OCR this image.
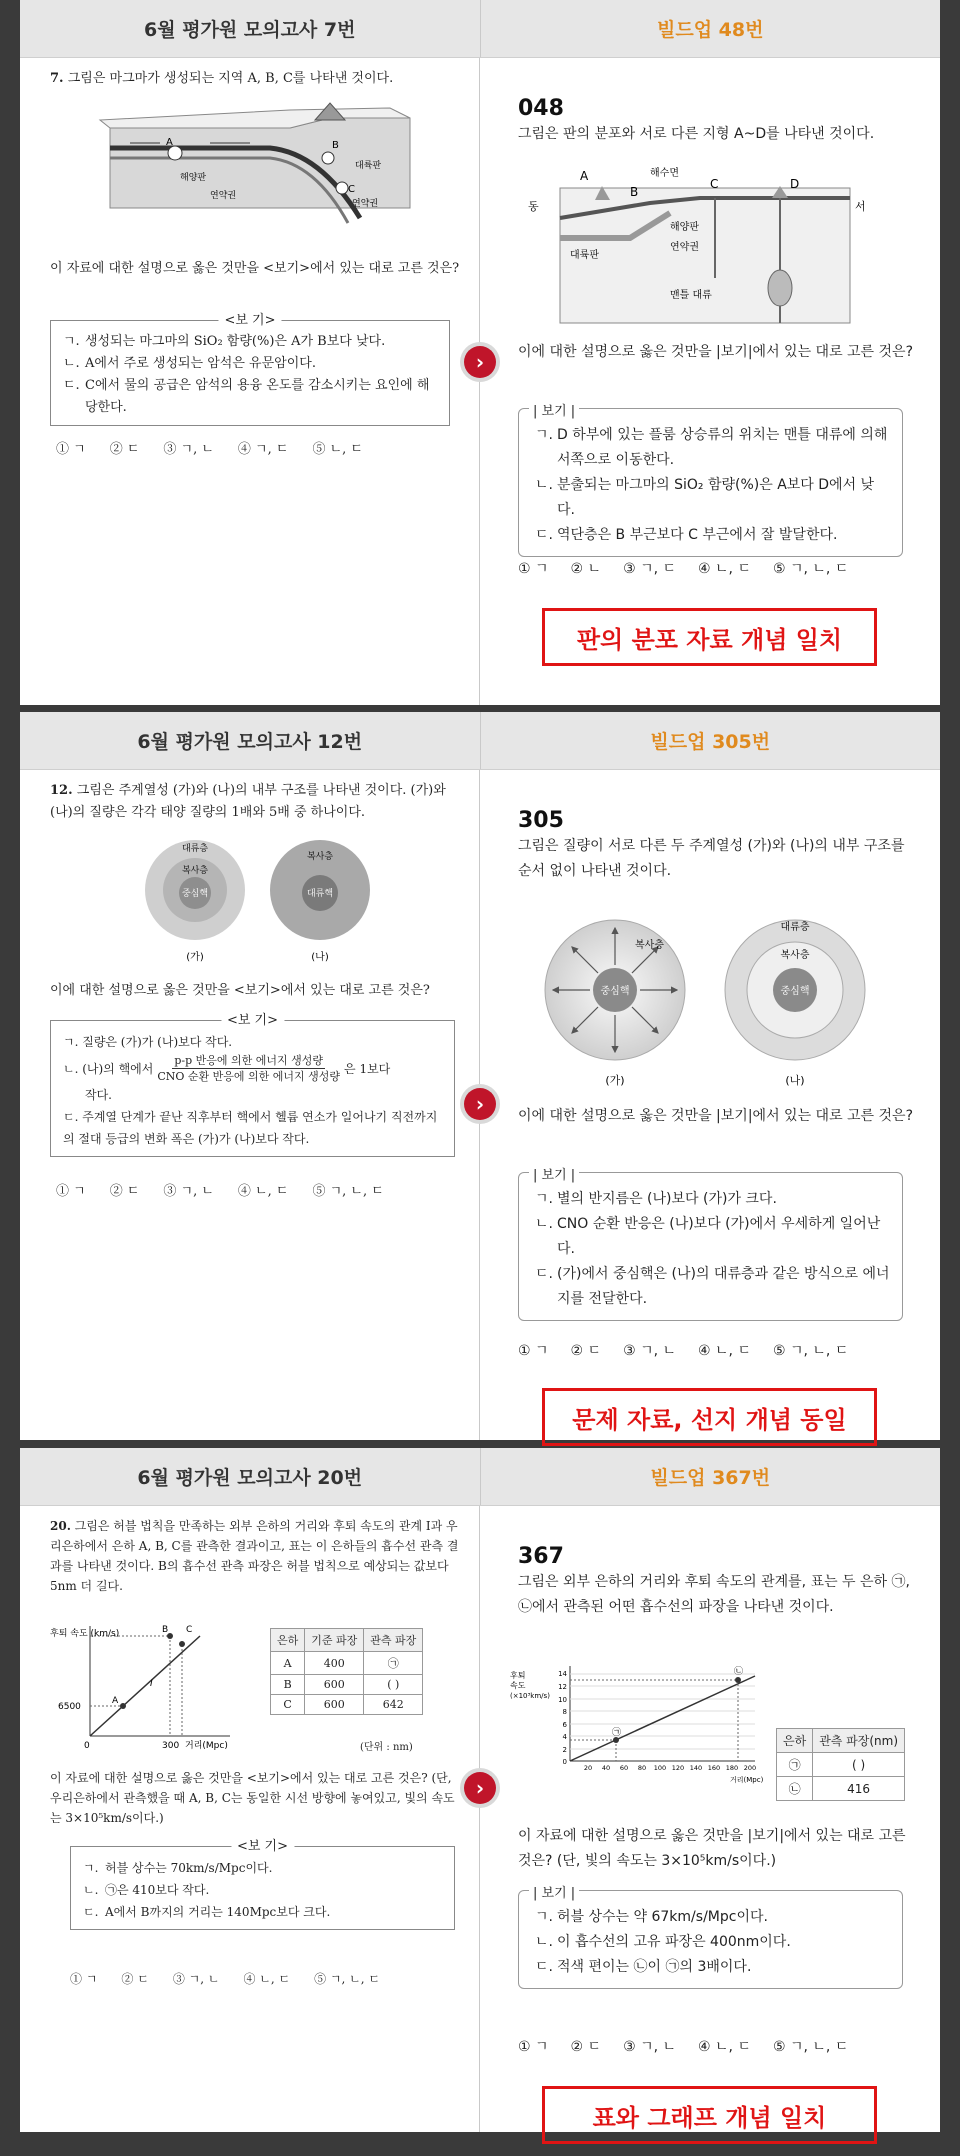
6월 평가원 모의고사 7번	빌드업 48번
7. 그림은 마그마가 생성되는 지역 A, B, C를 나타낸 것이다.
A	B
C
해양판
연약권
대륙판
연약권
이 자료에 대한 설명으로 옳은 것만을 <보기>에서 있는 대로 고른 것은?
<보 기>
ㄱ. 생성되는 마그마의 SiO₂ 함량(%)은 A가 B보다 낮다.
ㄴ. A에서 주로 생성되는 암석은 유문암이다.
ㄷ. C에서 물의 공급은 암석의 용융 온도를 감소시키는 요인에 해당한다.
① ㄱ ② ㄷ ③ ㄱ, ㄴ ④ ㄱ, ㄷ ⑤ ㄴ, ㄷ
048
그림은 판의 분포와 서로 다른 지형 A~D를 나타낸 것이다.
동	서
해수면
A
B
C	D
대륙판
해양판
연약권
맨틀 대류
이에 대한 설명으로 옳은 것만을 |보기|에서 있는 대로 고른 것은?
| 보기 |
ㄱ. D 하부에 있는 플룸 상승류의 위치는 맨틀 대류에 의해 서쪽으로 이동한다.
ㄴ. 분출되는 마그마의 SiO₂ 함량(%)은 A보다 D에서 낮다.
ㄷ. 역단층은 B 부근보다 C 부근에서 잘 발달한다.
① ㄱ ② ㄴ ③ ㄱ, ㄷ ④ ㄴ, ㄷ ⑤ ㄱ, ㄴ, ㄷ
판의 분포 자료 개념 일치
›
6월 평가원 모의고사 12번	빌드업 305번
12. 그림은 주계열성 (가)와 (나)의 내부 구조를 나타낸 것이다. (가)와 (나)의 질량은 각각 태양 질량의 1배와 5배 중 하나이다.
대류층
복사층
중심핵
복사층
대류핵
(가)	(나)
이에 대한 설명으로 옳은 것만을 <보기>에서 있는 대로 고른 것은?
<보 기>
ㄱ. 질량은 (가)가 (나)보다 작다.
ㄴ. (나)의 핵에서
p-p 반응에 의한 에너지 생성량
CNO 순환 반응에 의한 에너지 생성량
은 1보다
작다.
ㄷ. 주계열 단계가 끝난 직후부터 핵에서 헬륨 연소가 일어나기 직전까지의 절대 등급의 변화 폭은 (가)가 (나)보다 작다.
① ㄱ ② ㄷ ③ ㄱ, ㄴ ④ ㄴ, ㄷ ⑤ ㄱ, ㄴ, ㄷ
305
그림은 질량이 서로 다른 두 주계열성 (가)와 (나)의 내부 구조를 순서 없이 나타낸 것이다.
복사층
중심핵
대류층
복사층
중심핵
(가)	(나)
이에 대한 설명으로 옳은 것만을 |보기|에서 있는 대로 고른 것은?
| 보기 |
ㄱ. 별의 반지름은 (나)보다 (가)가 크다.
ㄴ. CNO 순환 반응은 (나)보다 (가)에서 우세하게 일어난다.
ㄷ. (가)에서 중심핵은 (나)의 대류층과 같은 방식으로 에너지를 전달한다.
① ㄱ ② ㄷ ③ ㄱ, ㄴ ④ ㄴ, ㄷ ⑤ ㄱ, ㄴ, ㄷ
문제 자료, 선지 개념 동일
›
6월 평가원 모의고사 20번	빌드업 367번
20. 그림은 허블 법칙을 만족하는 외부 은하의 거리와 후퇴 속도의 관계 I과 우리은하에서 은하 A, B, C를 관측한 결과이고, 표는 이 은하들의 흡수선 관측 결과를 나타낸 것이다. B의 흡수선 관측 파장은 허블 법칙으로 예상되는 값보다 5nm 더 길다.
후퇴 속도 (km/s)
6500
0	300 거리(Mpc)
A
B C
I
은하	기준 파장	관측 파장
A	400	㉠
B	600	( )
C	600	642
(단위 : nm)
이 자료에 대한 설명으로 옳은 것만을 <보기>에서 있는 대로 고른 것은? (단, 우리은하에서 관측했을 때 A, B, C는 동일한 시선 방향에 놓여있고, 빛의 속도는 3×10⁵km/s이다.)
<보 기>
ㄱ. 허블 상수는 70km/s/Mpc이다.
ㄴ. ㉠은 410보다 작다.
ㄷ. A에서 B까지의 거리는 140Mpc보다 크다.
① ㄱ ② ㄷ ③ ㄱ, ㄴ ④ ㄴ, ㄷ ⑤ ㄱ, ㄴ, ㄷ
367
그림은 외부 은하의 거리와 후퇴 속도의 관계를, 표는 두 은하 ㉠, ㉡에서 관측된 어떤 흡수선의 파장을 나타낸 것이다.
후퇴
속도
(×10³km/s)
14
12
10
8
6
4
2
0
20 40 60 80 100 120 140 160 180 200
거리(Mpc)
㉠
㉡
은하	관측 파장(nm)
㉠	( )
㉡	416
이 자료에 대한 설명으로 옳은 것만을 |보기|에서 있는 대로 고른 것은? (단, 빛의 속도는 3×10⁵km/s이다.)
| 보기 |
ㄱ. 허블 상수는 약 67km/s/Mpc이다.
ㄴ. 이 흡수선의 고유 파장은 400nm이다.
ㄷ. 적색 편이는 ㉡이 ㉠의 3배이다.
① ㄱ ② ㄷ ③ ㄱ, ㄴ ④ ㄴ, ㄷ ⑤ ㄱ, ㄴ, ㄷ
표와 그래프 개념 일치
›
